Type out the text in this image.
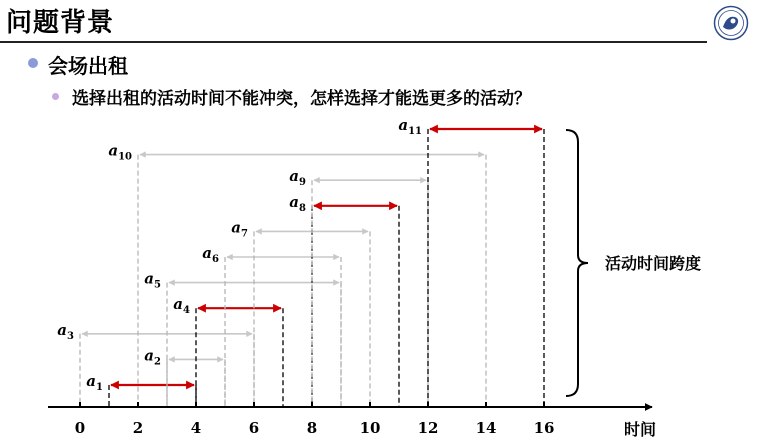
问题背景
会场出租
选择出租的活动时间不能冲突，怎样选择才能选更多的活动？
$a_1$
$a_2$
$a_3$
$a_4$
$a_5$
$a_6$
$a_7$
$a_8$
$a_9$
$a_{10}$
$a_{11}$
0	2	4	6	8	10 12 14 16	时间
活动时间跨度
